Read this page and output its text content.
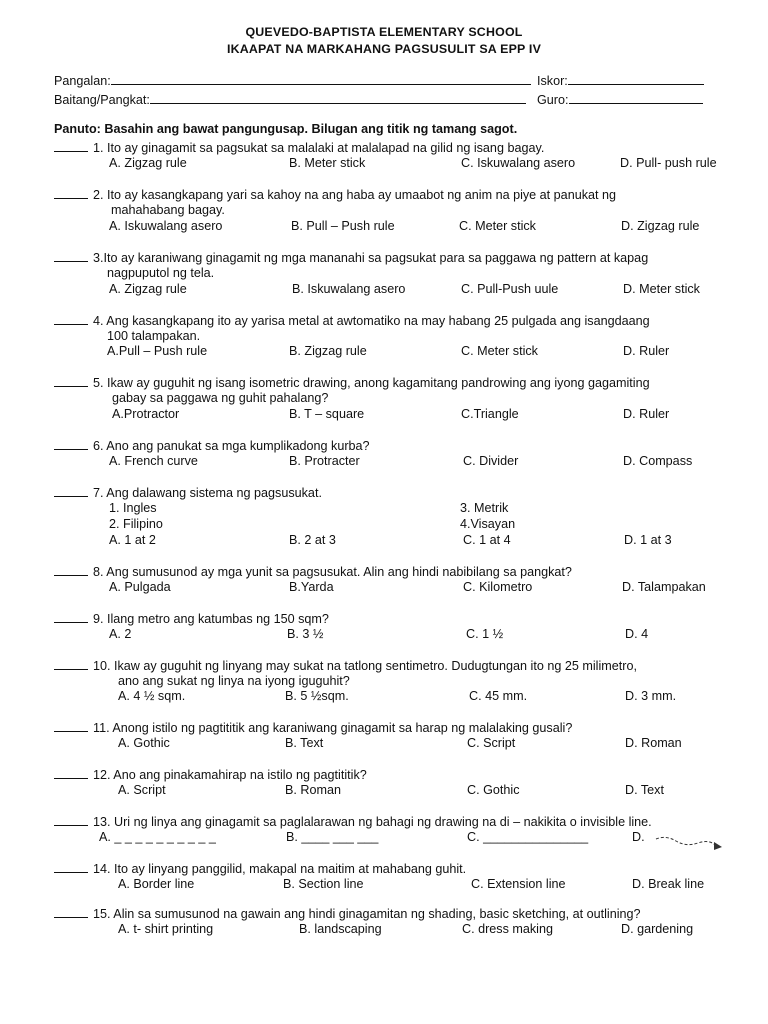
QUEVEDO-BAPTISTA ELEMENTARY SCHOOL
IKAAPAT NA MARKAHANG PAGSUSULIT SA EPP IV
Pangalan:	Iskor:
Baitang/Pangkat:	Guro:
Panuto: Basahin ang bawat pangungusap. Bilugan ang titik ng tamang sagot.
1. Ito ay ginagamit sa pagsukat sa malalaki at malalapad na gilid ng isang bagay.
A. Zigzag rule	B. Meter stick	C. Iskuwalang asero	D. Pull- push rule
2. Ito ay kasangkapang yari sa kahoy na ang haba ay umaabot ng anim na piye at panukat ng
mahahabang bagay.
A. Iskuwalang asero	B. Pull – Push rule	C. Meter stick	D. Zigzag rule
3.Ito ay karaniwang ginagamit ng mga mananahi sa pagsukat para sa paggawa ng pattern at kapag
nagpuputol ng tela.
A. Zigzag rule	B. Iskuwalang asero	C. Pull-Push uule	D. Meter stick
4. Ang kasangkapang ito ay yarisa metal at awtomatiko na may habang 25 pulgada ang isangdaang
100 talampakan.
A.Pull – Push rule	B. Zigzag rule	C. Meter stick	D. Ruler
5. Ikaw ay guguhit ng isang isometric drawing, anong kagamitang pandrowing ang iyong gagamiting
gabay sa paggawa ng guhit pahalang?
A.Protractor	B. T – square	C.Triangle	D. Ruler
6. Ano ang panukat sa mga kumplikadong kurba?
A. French curve	B. Protracter	C. Divider	D. Compass
7. Ang dalawang sistema ng pagsusukat.
1. Ingles	3. Metrik
2. Filipino	4.Visayan
A. 1 at 2	B. 2 at 3	C. 1 at 4	D. 1 at 3
8. Ang sumusunod ay mga yunit sa pagsusukat. Alin ang hindi nabibilang sa pangkat?
A. Pulgada	B.Yarda	C. Kilometro	D. Talampakan
9. Ilang metro ang katumbas ng 150 sqm?
A. 2	B. 3 ½	C. 1 ½	D. 4
10. Ikaw ay guguhit ng linyang may sukat na tatlong sentimetro. Dudugtungan ito ng 25 milimetro,
ano ang sukat ng linya na iyong iguguhit?
A. 4 ½ sqm.	B. 5 ½sqm.	C. 45 mm.	D. 3 mm.
11. Anong istilo ng pagtititik ang karaniwang ginagamit sa harap ng malalaking gusali?
A. Gothic	B. Text	C. Script	D. Roman
12. Ano ang pinakamahirap na istilo ng pagtititik?
A. Script	B. Roman	C. Gothic	D. Text
13. Uri ng linya ang ginagamit sa paglalarawan ng bahagi ng drawing na di – nakikita o invisible line.
A. _ _ _ _ _ _ _ _ _ _	B. ____ ___ ___	C. _______________	D.
14. Ito ay linyang panggilid, makapal na maitim at mahabang guhit.
A. Border line	B. Section line	C. Extension line	D. Break line
15. Alin sa sumusunod na gawain ang hindi ginagamitan ng shading, basic sketching, at outlining?
A. t- shirt printing	B. landscaping	C. dress making	D. gardening
